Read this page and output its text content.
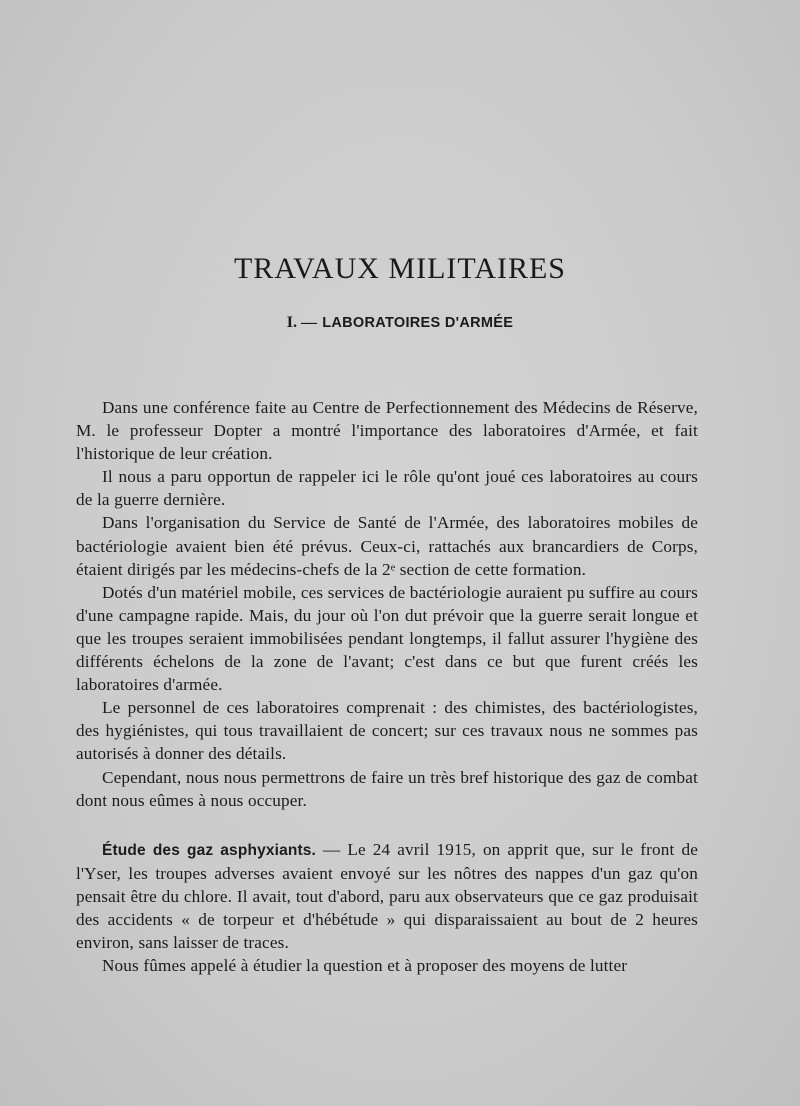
TRAVAUX MILITAIRES
I. — LABORATOIRES D'ARMÉE

Dans une conférence faite au Centre de Perfectionnement des Médecins de Réserve, M. le professeur Dopter a montré l'importance des laboratoires d'Armée, et fait l'historique de leur création.

Il nous a paru opportun de rappeler ici le rôle qu'ont joué ces laboratoires au cours de la guerre dernière.

Dans l'organisation du Service de Santé de l'Armée, des laboratoires mobiles de bactériologie avaient bien été prévus. Ceux-ci, rattachés aux brancardiers de Corps, étaient dirigés par les médecins-chefs de la 2ᵉ section de cette formation.

Dotés d'un matériel mobile, ces services de bactériologie auraient pu suffire au cours d'une campagne rapide. Mais, du jour où l'on dut prévoir que la guerre serait longue et que les troupes seraient immobilisées pendant longtemps, il fallut assurer l'hygiène des différents échelons de la zone de l'avant; c'est dans ce but que furent créés les laboratoires d'armée.

Le personnel de ces laboratoires comprenait : des chimistes, des bactériologistes, des hygiénistes, qui tous travaillaient de concert; sur ces travaux nous ne sommes pas autorisés à donner des détails.

Cependant, nous nous permettrons de faire un très bref historique des gaz de combat dont nous eûmes à nous occuper.

Étude des gaz asphyxiants. — Le 24 avril 1915, on apprit que, sur le front de l'Yser, les troupes adverses avaient envoyé sur les nôtres des nappes d'un gaz qu'on pensait être du chlore. Il avait, tout d'abord, paru aux observateurs que ce gaz produisait des accidents « de torpeur et d'hébétude » qui disparaissaient au bout de 2 heures environ, sans laisser de traces.

Nous fûmes appelé à étudier la question et à proposer des moyens de lutter
